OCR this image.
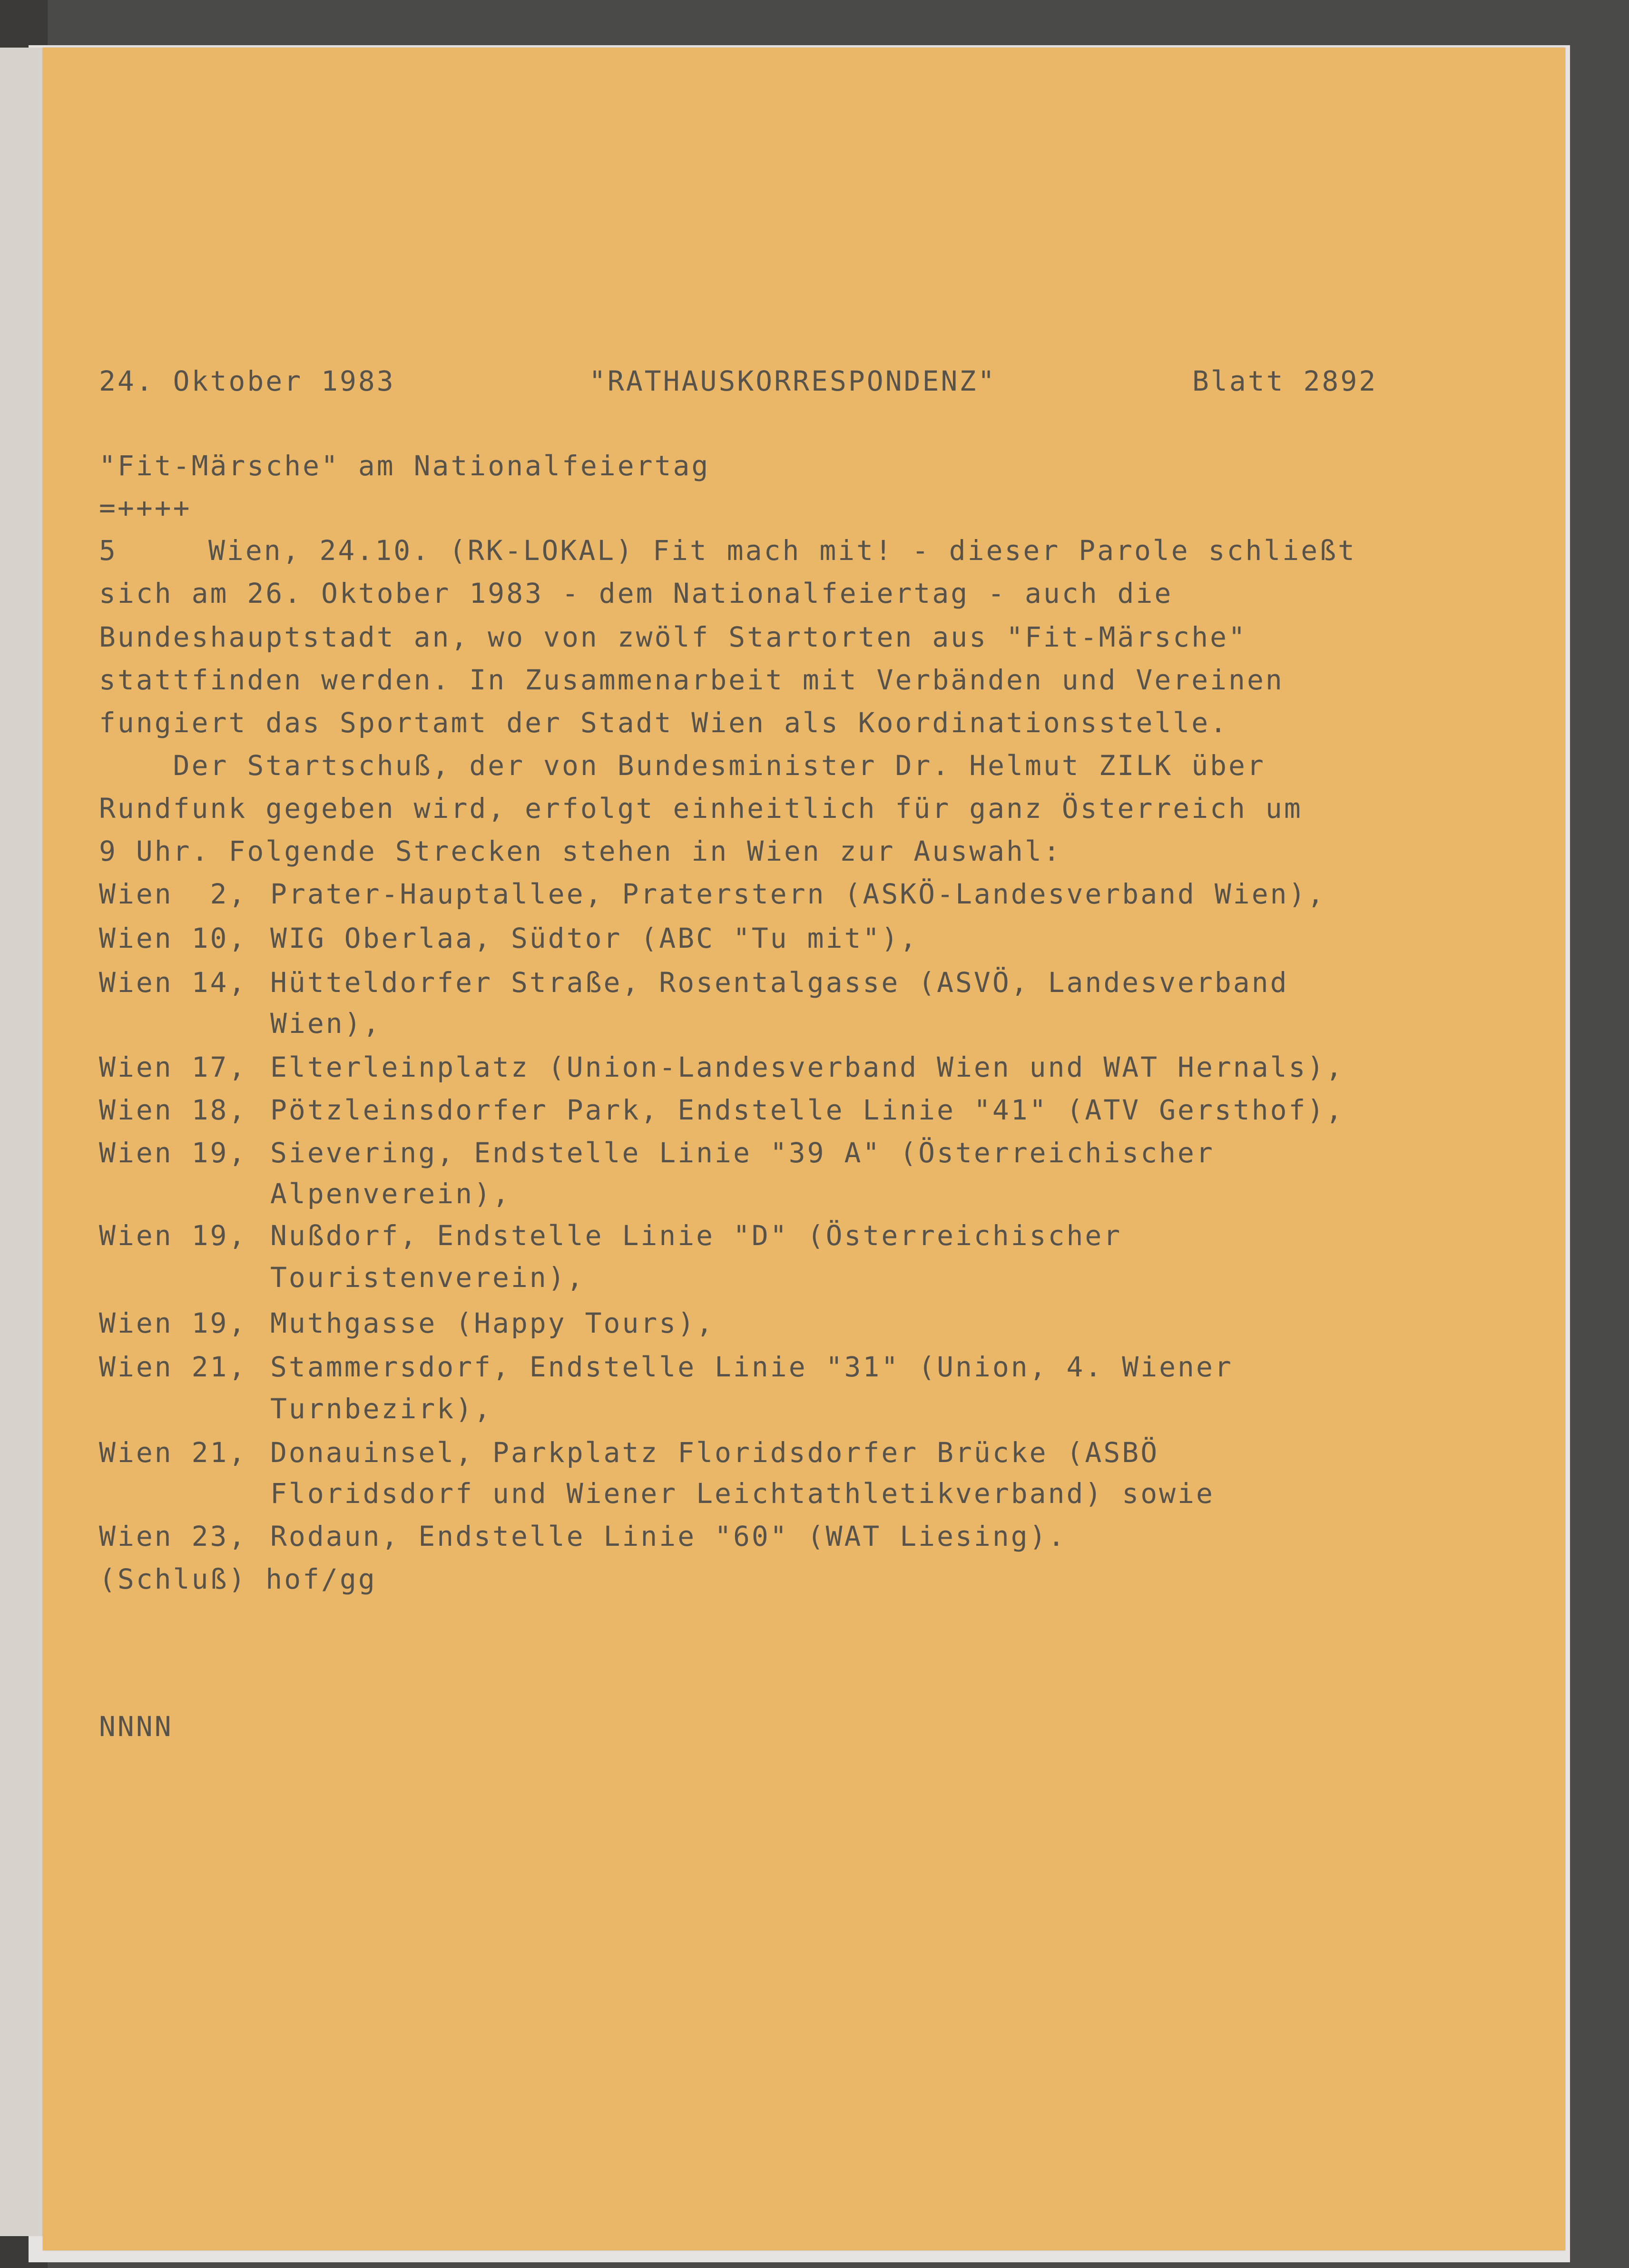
24. Oktober 1983	"RATHAUSKORRESPONDENZ"	Blatt 2892
"Fit-Märsche" am Nationalfeiertag
=++++
5	Wien, 24.10. (RK-LOKAL) Fit mach mit! - dieser Parole schließt
sich am 26. Oktober 1983 - dem Nationalfeiertag - auch die
Bundeshauptstadt an, wo von zwölf Startorten aus "Fit-Märsche"
stattfinden werden. In Zusammenarbeit mit Verbänden und Vereinen
fungiert das Sportamt der Stadt Wien als Koordinationsstelle.
Der Startschuß, der von Bundesminister Dr. Helmut ZILK über
Rundfunk gegeben wird, erfolgt einheitlich für ganz Österreich um
9 Uhr. Folgende Strecken stehen in Wien zur Auswahl:
Wien  2, Prater-Hauptallee, Praterstern (ASKÖ-Landesverband Wien),
Wien 10, WIG Oberlaa, Südtor (ABC "Tu mit"),
Wien 14, Hütteldorfer Straße, Rosentalgasse (ASVÖ, Landesverband
Wien),
Wien 17, Elterleinplatz (Union-Landesverband Wien und WAT Hernals),
Wien 18, Pötzleinsdorfer Park, Endstelle Linie "41" (ATV Gersthof),
Wien 19, Sievering, Endstelle Linie "39 A" (Österreichischer
Alpenverein),
Wien 19, Nußdorf, Endstelle Linie "D" (Österreichischer
Touristenverein),
Wien 19, Muthgasse (Happy Tours),
Wien 21, Stammersdorf, Endstelle Linie "31" (Union, 4. Wiener
Turnbezirk),
Wien 21, Donauinsel, Parkplatz Floridsdorfer Brücke (ASBÖ
Floridsdorf und Wiener Leichtathletikverband) sowie
Wien 23, Rodaun, Endstelle Linie "60" (WAT Liesing).
(Schluß) hof/gg
NNNN
